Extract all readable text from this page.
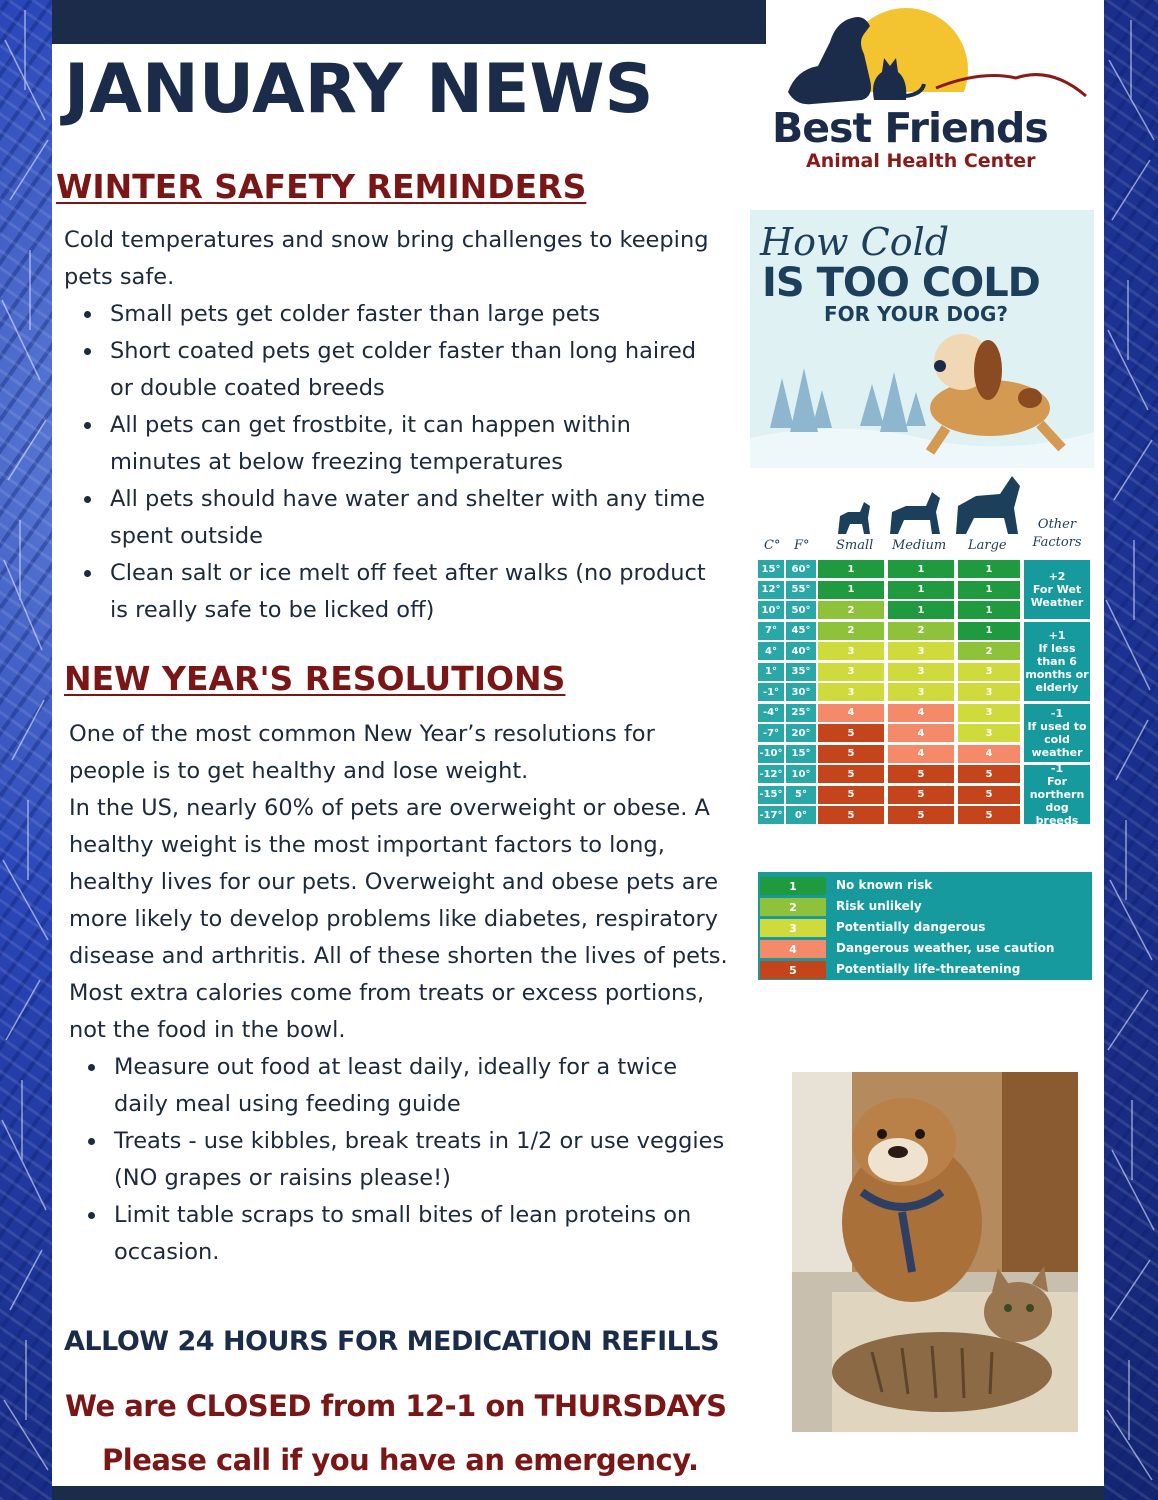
JANUARY NEWS	Best Friends
Animal Health Center
WINTER SAFETY REMINDERS

Cold temperatures and snow bring challenges to keeping pets safe.

Small pets get colder faster than large pets
Short coated pets get colder faster than long haired or double coated breeds
All pets can get frostbite, it can happen within minutes at below freezing temperatures
All pets should have water and shelter with any time spent outside
Clean salt or ice melt off feet after walks (no product is really safe to be licked off)
NEW YEAR'S RESOLUTIONS

One of the most common New Year’s resolutions for people is to get healthy and lose weight.

In the US, nearly 60% of pets are overweight or obese. A healthy weight is the most important factors to long, healthy lives for our pets. Overweight and obese pets are more likely to develop problems like diabetes, respiratory disease and arthritis. All of these shorten the lives of pets.

Most extra calories come from treats or excess portions, not the food in the bowl.

Measure out food at least daily, ideally for a twice daily meal using feeding guide
Treats - use kibbles, break treats in 1/2 or use veggies (NO grapes or raisins please!)
Limit table scraps to small bites of lean proteins on occasion.
ALLOW 24 HOURS FOR MEDICATION REFILLS
We are CLOSED from 12-1 on THURSDAYS
Please call if you have an emergency.
How Cold
IS TOO COLD
FOR YOUR DOG?
C° F° Small Medium Large
Other Factors
15°	60°	1	1	1
12°	55°	1	1	1
10°	50°	2	1	1
7°	45°	2	2	1
4°	40°	3	3	2
1°	35°	3	3	3
-1°	30°	3	3	3
-4°	25°	4	4	3
-7°	20°	5	4	3
-10° 15°	5	4	4
-12° 10°	5	5	5
-15°	5°	5	5	5
-17°	0°	5	5	5
+2
For Wet Weather
+1
If less than 6 months or elderly
-1
If used to cold weather
-1
For northern dog breeds
1	No known risk
2	Risk unlikely
3	Potentially dangerous
4	Dangerous weather, use caution
5	Potentially life-threatening
